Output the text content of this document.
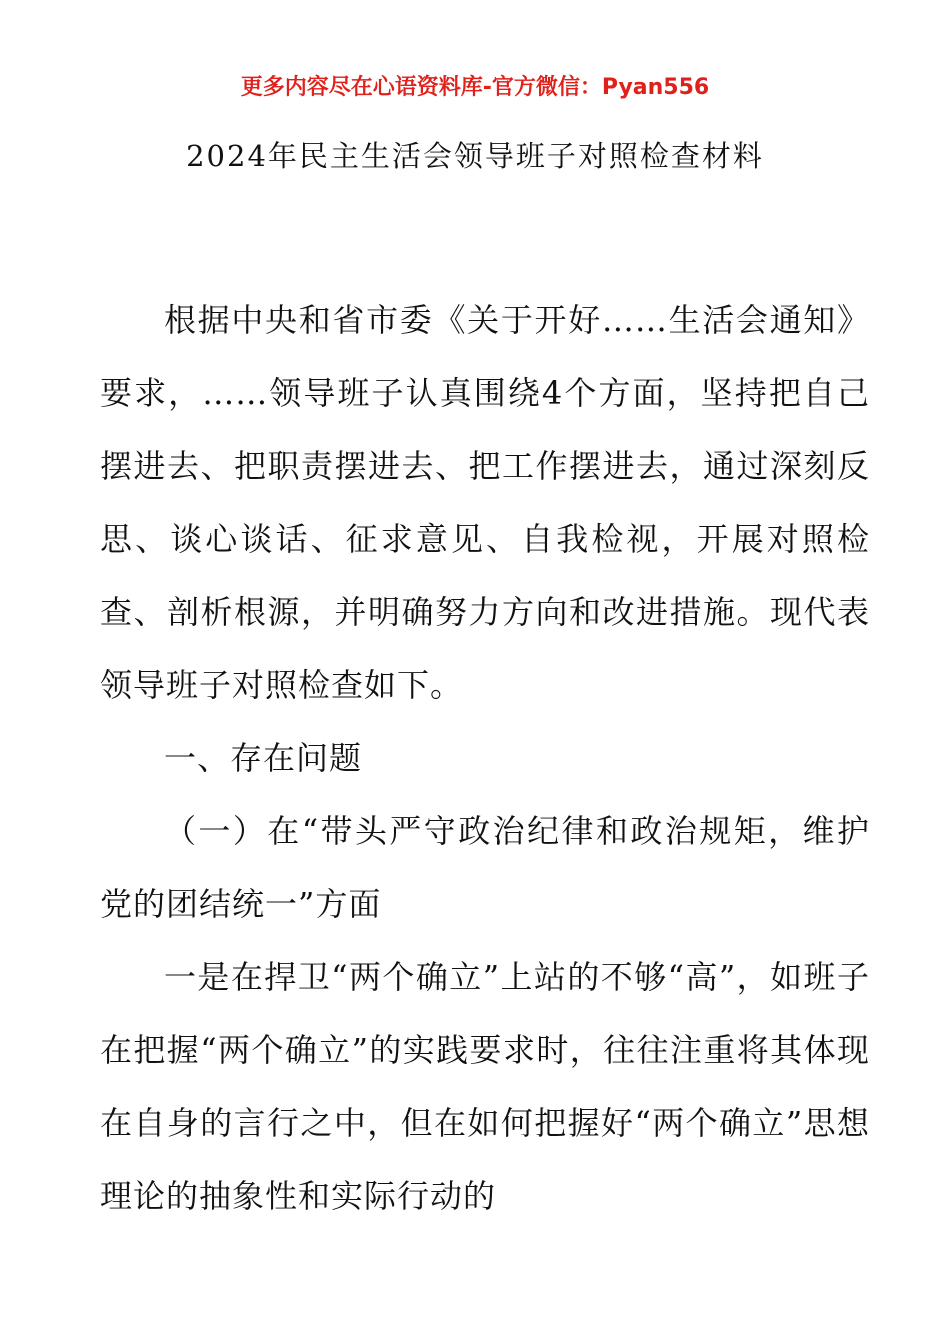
更多内容尽在心语资料库-官方微信：Pyan556
2024年民主生活会领导班子对照检查材料

根据中央和省市委《关于开好……生活会通知》要求，……领导班子认真围绕4个方面，坚持把自己摆进去、把职责摆进去、把工作摆进去，通过深刻反思、谈心谈话、征求意见、自我检视，开展对照检查、剖析根源，并明确努力方向和改进措施。现代表领导班子对照检查如下。

一、存在问题

（一）在“带头严守政治纪律和政治规矩，维护党的团结统一”方面

一是在捍卫“两个确立”上站的不够“高”，如班子在把握“两个确立”的实践要求时，往往注重将其体现在自身的言行之中，但在如何把握好“两个确立”思想理论的抽象性和实际行动的
